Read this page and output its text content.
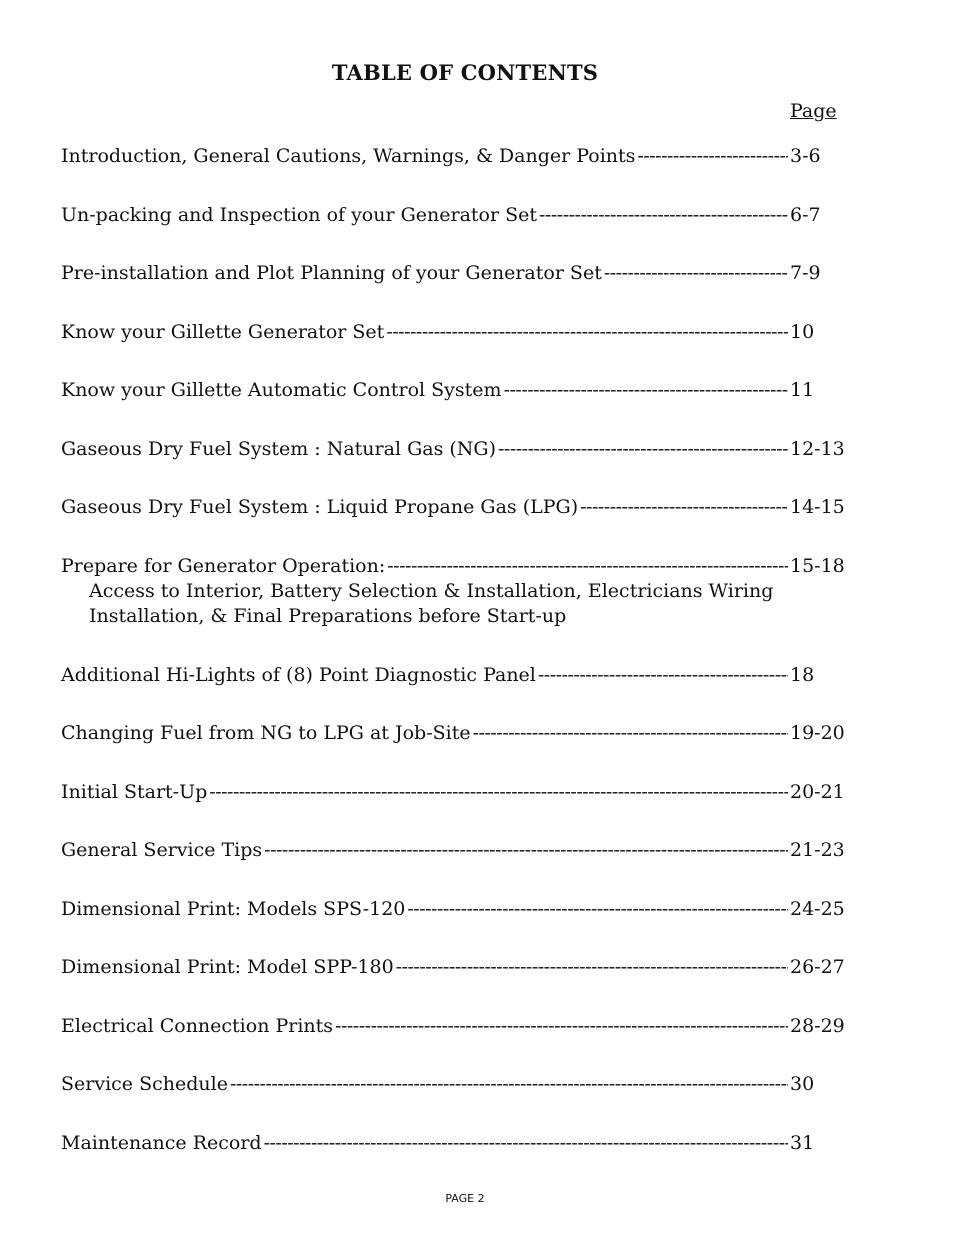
TABLE OF CONTENTS
Page
Introduction, General Cautions, Warnings, & Danger Points -----	3-6
Un-packing and Inspection of your Generator Set -----	6-7
Pre-installation and Plot Planning of your Generator Set -----	7-9
Know your Gillette Generator Set -----	10
Know your Gillette Automatic Control System -----	11
Gaseous Dry Fuel System : Natural Gas (NG) -----	12-13
Gaseous Dry Fuel System : Liquid Propane Gas (LPG) -----	14-15
Prepare for Generator Operation: -----	15-18
Access to Interior, Battery Selection & Installation, Electricians Wiring
Installation, & Final Preparations before Start-up
Additional Hi-Lights of (8) Point Diagnostic Panel -----	18
Changing Fuel from NG to LPG at Job-Site -----	19-20
Initial Start-Up -----	20-21
General Service Tips -----	21-23
Dimensional Print: Models SPS-120 -----	24-25
Dimensional Print: Model SPP-180 -----	26-27
Electrical Connection Prints -----	28-29
Service Schedule -----	30
Maintenance Record -----	31
PAGE 2
